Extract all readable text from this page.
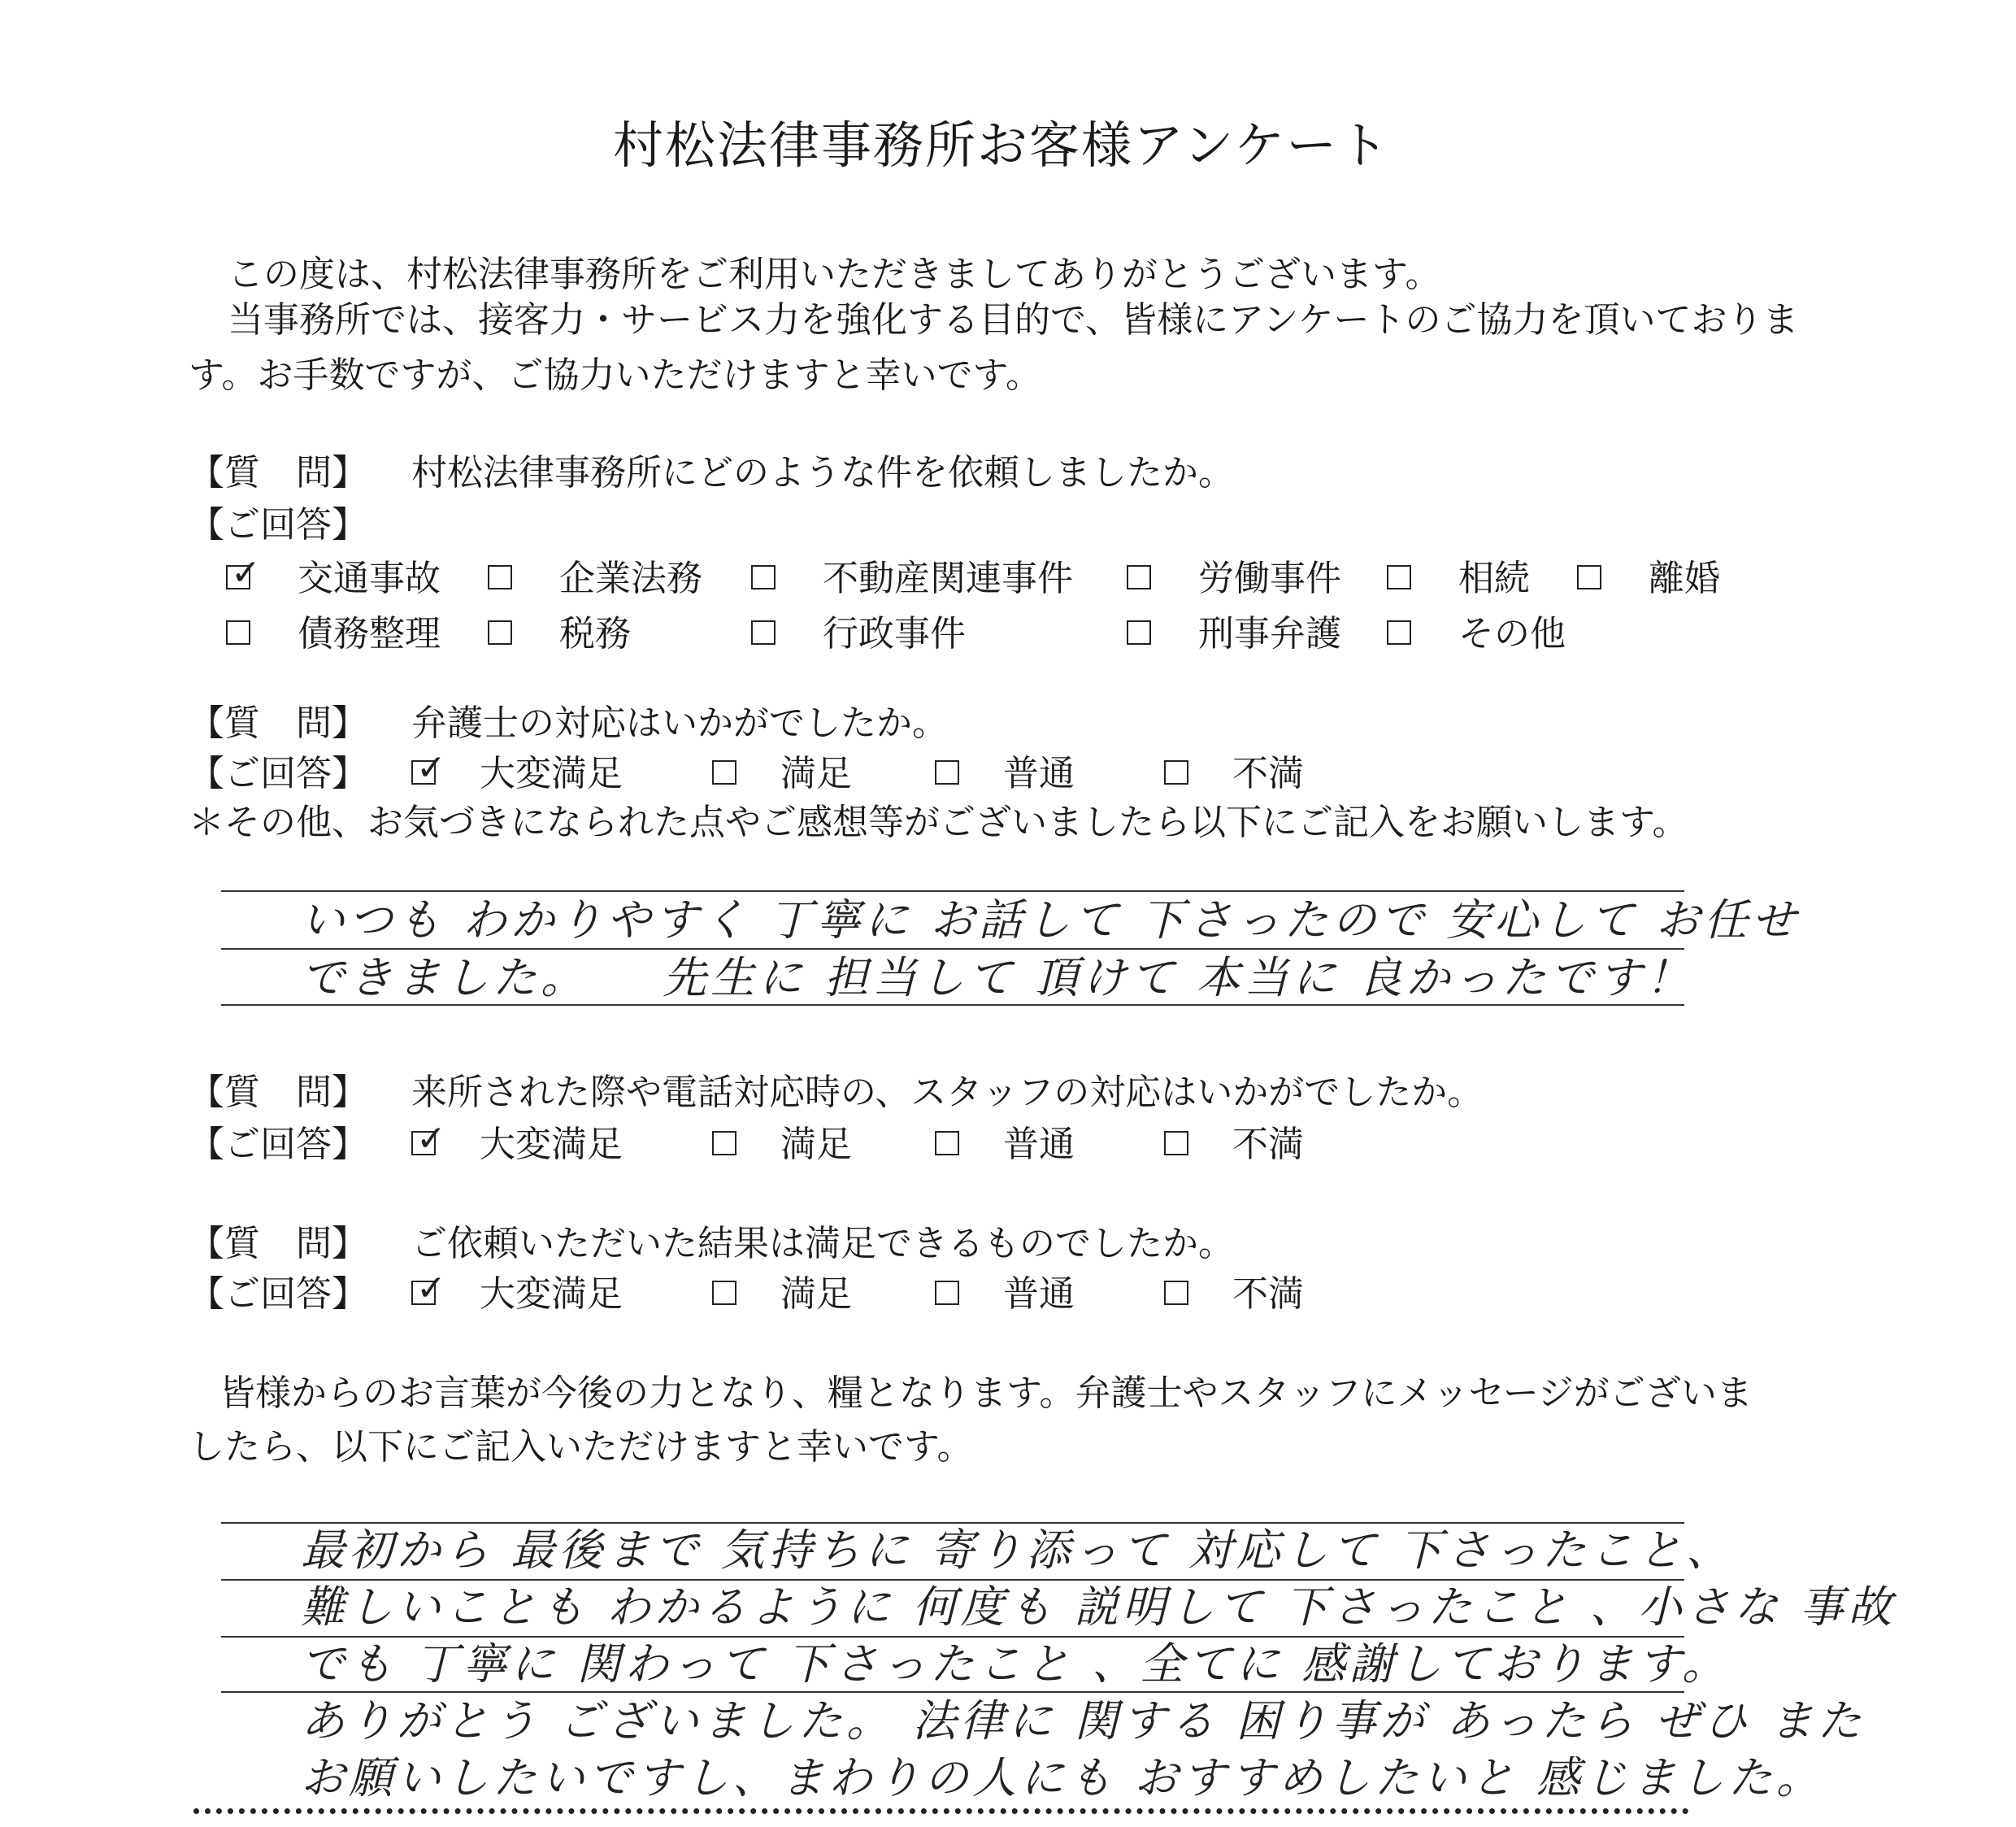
村松法律事務所お客様アンケート
この度は、村松法律事務所をご利用いただきましてありがとうございます。
当事務所では、接客力・サービス力を強化する目的で、皆様にアンケートのご協力を頂いておりま
す。お手数ですが、ご協力いただけますと幸いです。
【質　問】 村松法律事務所にどのような件を依頼しましたか。
【ご回答】
✓ 交通事故	企業法務	不動産関連事件	労働事件	相続	離婚
債務整理	税務	行政事件	刑事弁護	その他
【質　問】 弁護士の対応はいかがでしたか。
【ご回答】 ✓ 大変満足	満足	普通	不満
＊その他、お気づきになられた点やご感想等がございましたら以下にご記入をお願いします。
いつも わかりやすく 丁寧に お話して 下さったので 安心して お任せ
できました。　　先生に 担当して 頂けて 本当に 良かったです！
【質　問】 来所された際や電話対応時の、スタッフの対応はいかがでしたか。
【ご回答】 ✓ 大変満足	満足	普通	不満
【質　問】 ご依頼いただいた結果は満足できるものでしたか。
【ご回答】 ✓ 大変満足	満足	普通	不満
皆様からのお言葉が今後の力となり、糧となります。弁護士やスタッフにメッセージがございま
したら、以下にご記入いただけますと幸いです。
最初から 最後まで 気持ちに 寄り添って 対応して 下さったこと、
難しいことも わかるように 何度も 説明して 下さったこと 、小さな 事故
でも 丁寧に 関わって 下さったこと 、全てに 感謝しております。
ありがとう ございました。 法律に 関する 困り事が あったら ぜひ また
お願いしたいですし、まわりの人にも おすすめしたいと 感じました。
